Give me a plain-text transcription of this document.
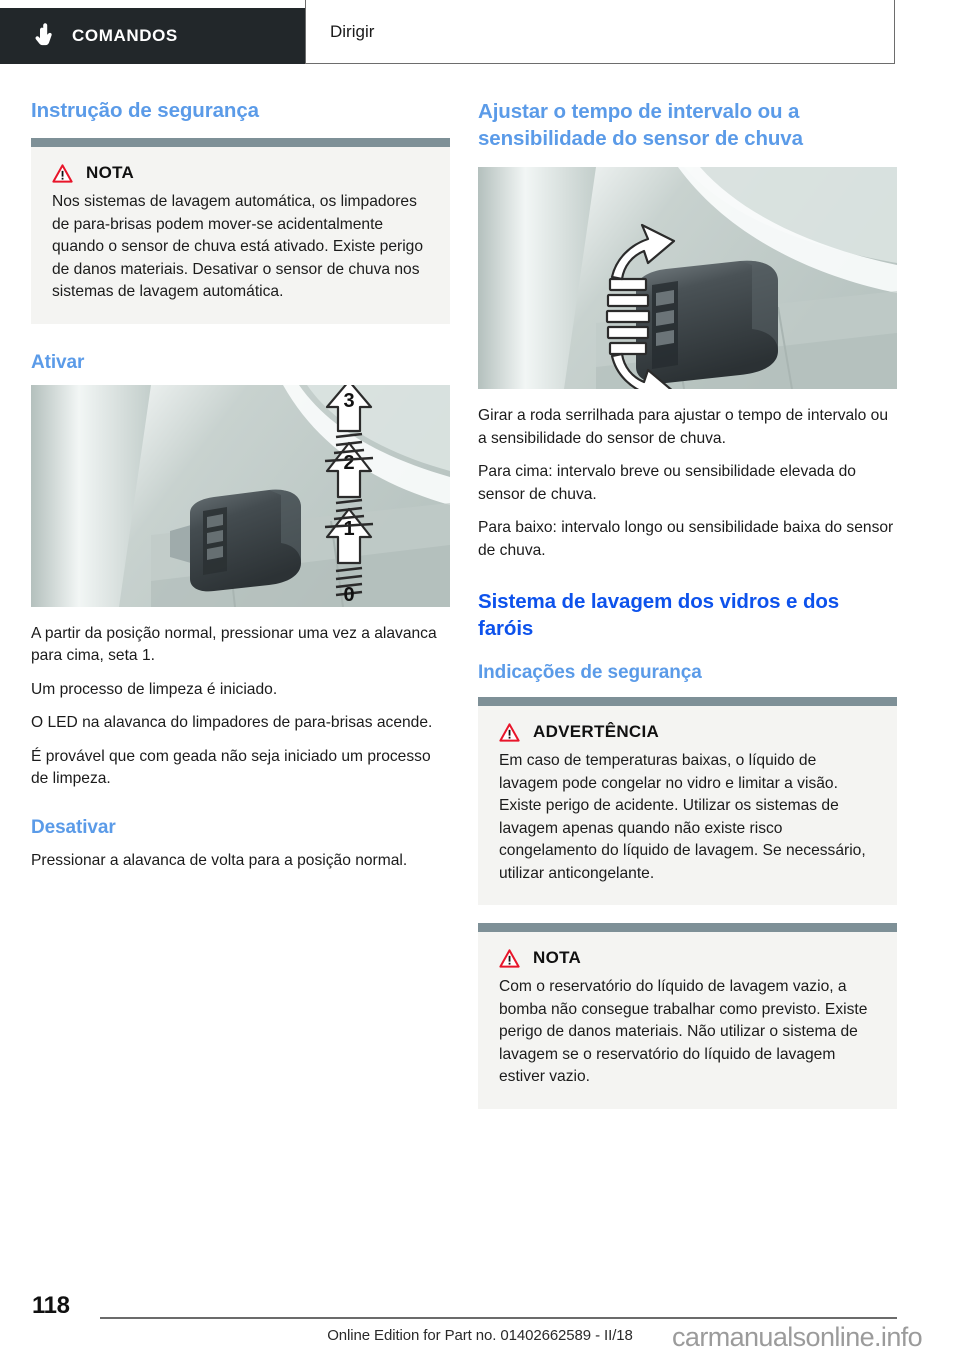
COMANDOS	Dirigir
Instrução de segurança
NOTA

Nos sistemas de lavagem automática, os limpadores de para-brisas podem mover-se acidentalmente quando o sensor de chuva está ativado. Existe perigo de danos materiais. Desativar o sensor de chuva nos sistemas de lavagem automática.

Ativar
1
0
2
3

A partir da posição normal, pressionar uma vez a alavanca para cima, seta 1.

Um processo de limpeza é iniciado.

O LED na alavanca do limpadores de para-brisas acende.

É provável que com geada não seja iniciado um processo de limpeza.

Desativar

Pressionar a alavanca de volta para a posição normal.

Ajustar o tempo de intervalo ou a sensibilidade do sensor de chuva

Girar a roda serrilhada para ajustar o tempo de intervalo ou a sensibilidade do sensor de chuva.

Para cima: intervalo breve ou sensibilidade elevada do sensor de chuva.

Para baixo: intervalo longo ou sensibilidade baixa do sensor de chuva.

Sistema de lavagem dos vidros e dos faróis
Indicações de segurança
ADVERTÊNCIA

Em caso de temperaturas baixas, o líquido de lavagem pode congelar no vidro e limitar a visão. Existe perigo de acidente. Utilizar os sistemas de lavagem apenas quando não existe risco congelamento do líquido de lavagem. Se necessário, utilizar anticongelante.

NOTA

Com o reservatório do líquido de lavagem vazio, a bomba não consegue trabalhar como previsto. Existe perigo de danos materiais. Não utilizar o sistema de lavagem se o reservatório do líquido de lavagem estiver vazio.

118
Online Edition for Part no. 01402662589 - II/18	carmanualsonline.info
